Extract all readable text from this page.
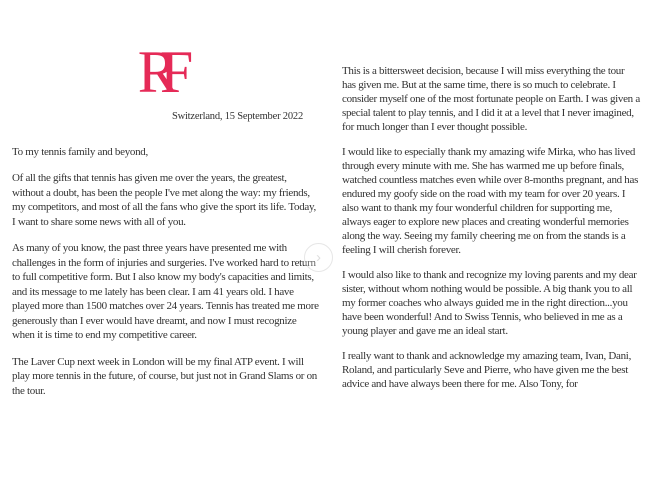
RF
Switzerland, 15 September 2022
To my tennis family and beyond,

Of all the gifts that tennis has given me over the years, the greatest, without a doubt, has been the people I've met along the way: my friends, my competitors, and most of all the fans who give the sport its life. Today, I want to share some news with all of you.

As many of you know, the past three years have presented me with challenges in the form of injuries and surgeries. I've worked hard to return to full competitive form. But I also know my body's capacities and limits, and its message to me lately has been clear. I am 41 years old. I have played more than 1500 matches over 24 years. Tennis has treated me more generously than I ever would have dreamt, and now I must recognize when it is time to end my competitive career.

The Laver Cup next week in London will be my final ATP event. I will play more tennis in the future, of course, but just not in Grand Slams or on the tour.

This is a bittersweet decision, because I will miss everything the tour has given me. But at the same time, there is so much to celebrate. I consider myself one of the most fortunate people on Earth. I was given a special talent to play tennis, and I did it at a level that I never imagined, for much longer than I ever thought possible.

I would like to especially thank my amazing wife Mirka, who has lived through every minute with me. She has warmed me up before finals, watched countless matches even while over 8-months pregnant, and has endured my goofy side on the road with my team for over 20 years. I also want to thank my four wonderful children for supporting me, always eager to explore new places and creating wonderful memories along the way. Seeing my family cheering me on from the stands is a feeling I will cherish forever.

I would also like to thank and recognize my loving parents and my dear sister, without whom nothing would be possible. A big thank you to all my former coaches who always guided me in the right direction...you have been wonderful! And to Swiss Tennis, who believed in me as a young player and gave me an ideal start.

I really want to thank and acknowledge my amazing team, Ivan, Dani, Roland, and particularly Seve and Pierre, who have given me the best advice and have always been there for me. Also Tony, for

›
